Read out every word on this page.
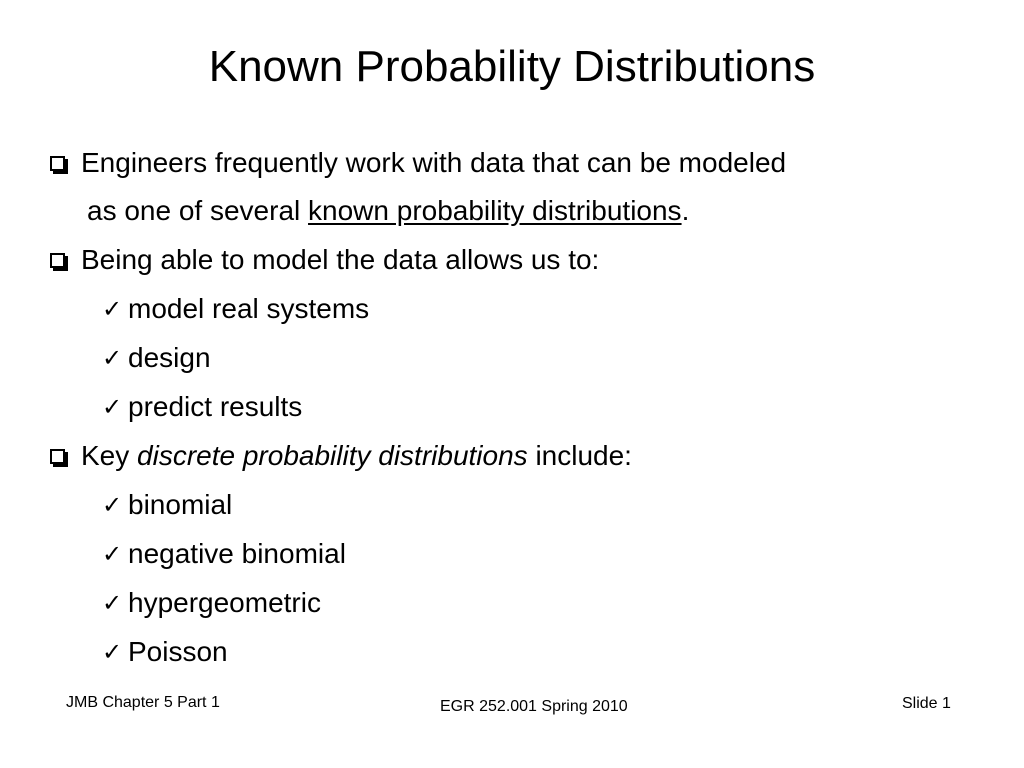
Known Probability Distributions
Engineers frequently work with data that can be modeled
as one of several known probability distributions.
Being able to model the data allows us to:
✓ model real systems
✓ design
✓ predict results
Key discrete probability distributions include:
✓ binomial
✓ negative binomial
✓ hypergeometric
✓ Poisson
JMB Chapter 5 Part 1	EGR 252.001 Spring 2010	Slide 1
